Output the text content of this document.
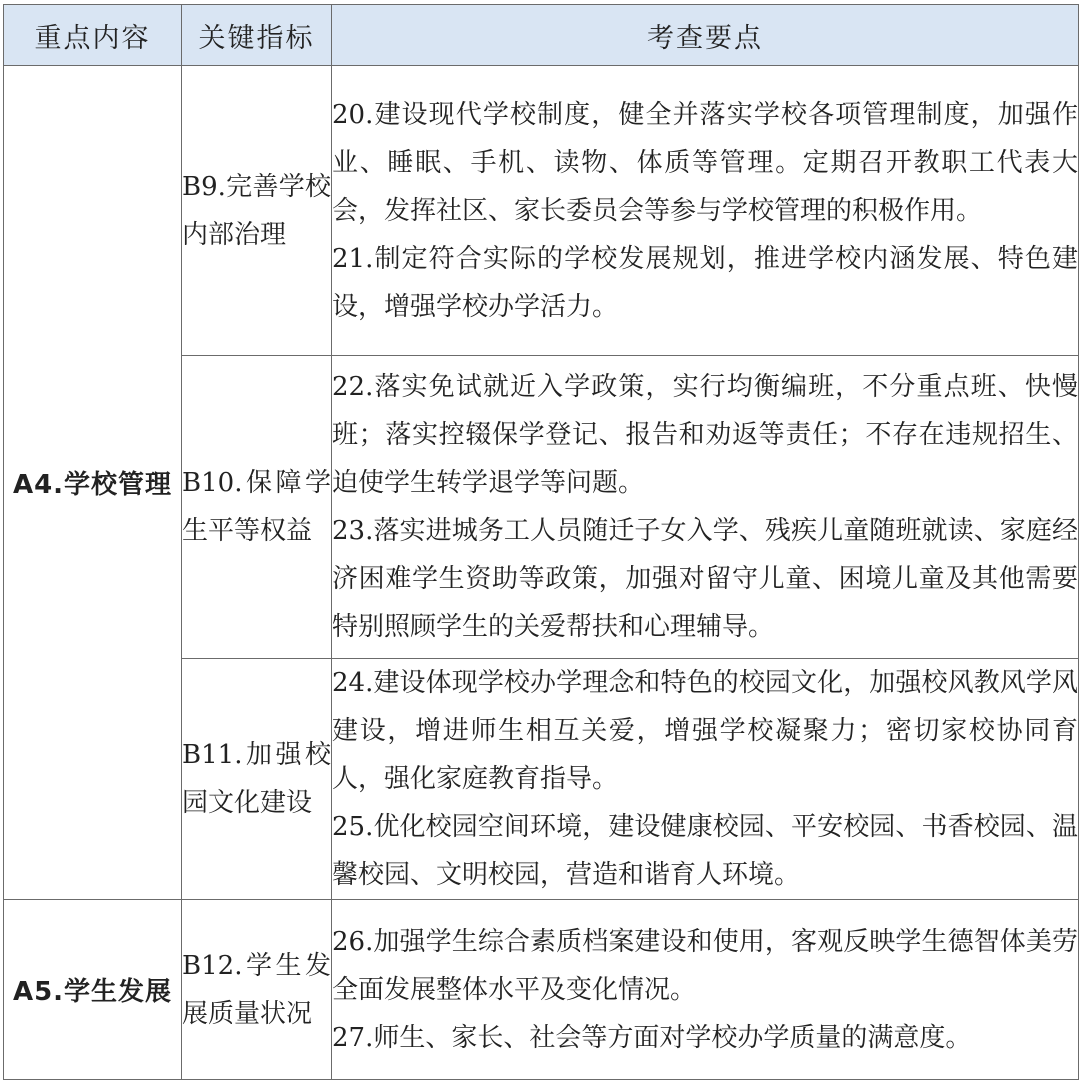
重点内容	关键指标	考查要点
A4.学校管理	B9.完善学校内部治理	20.建设现代学校制度，健全并落实学校各项管理制度，加强作业、睡眠、手机、读物、体质等管理。定期召开教职工代表大会，发挥社区、家长委员会等参与学校管理的积极作用。

21.制定符合实际的学校发展规划，推进学校内涵发展、特色建设，增强学校办学活力。

	B10.保障学生平等权益	22.落实免试就近入学政策，实行均衡编班，不分重点班、快慢班；落实控辍保学登记、报告和劝返等责任；不存在违规招生、迫使学生转学退学等问题。

23.落实进城务工人员随迁子女入学、残疾儿童随班就读、家庭经济困难学生资助等政策，加强对留守儿童、困境儿童及其他需要特别照顾学生的关爱帮扶和心理辅导。

	B11.加强校园文化建设	24.建设体现学校办学理念和特色的校园文化，加强校风教风学风建设，增进师生相互关爱，增强学校凝聚力；密切家校协同育人，强化家庭教育指导。

25.优化校园空间环境，建设健康校园、平安校园、书香校园、温馨校园、文明校园，营造和谐育人环境。

A5.学生发展	B12.学生发展质量状况	26.加强学生综合素质档案建设和使用，客观反映学生德智体美劳全面发展整体水平及变化情况。

27.师生、家长、社会等方面对学校办学质量的满意度。
